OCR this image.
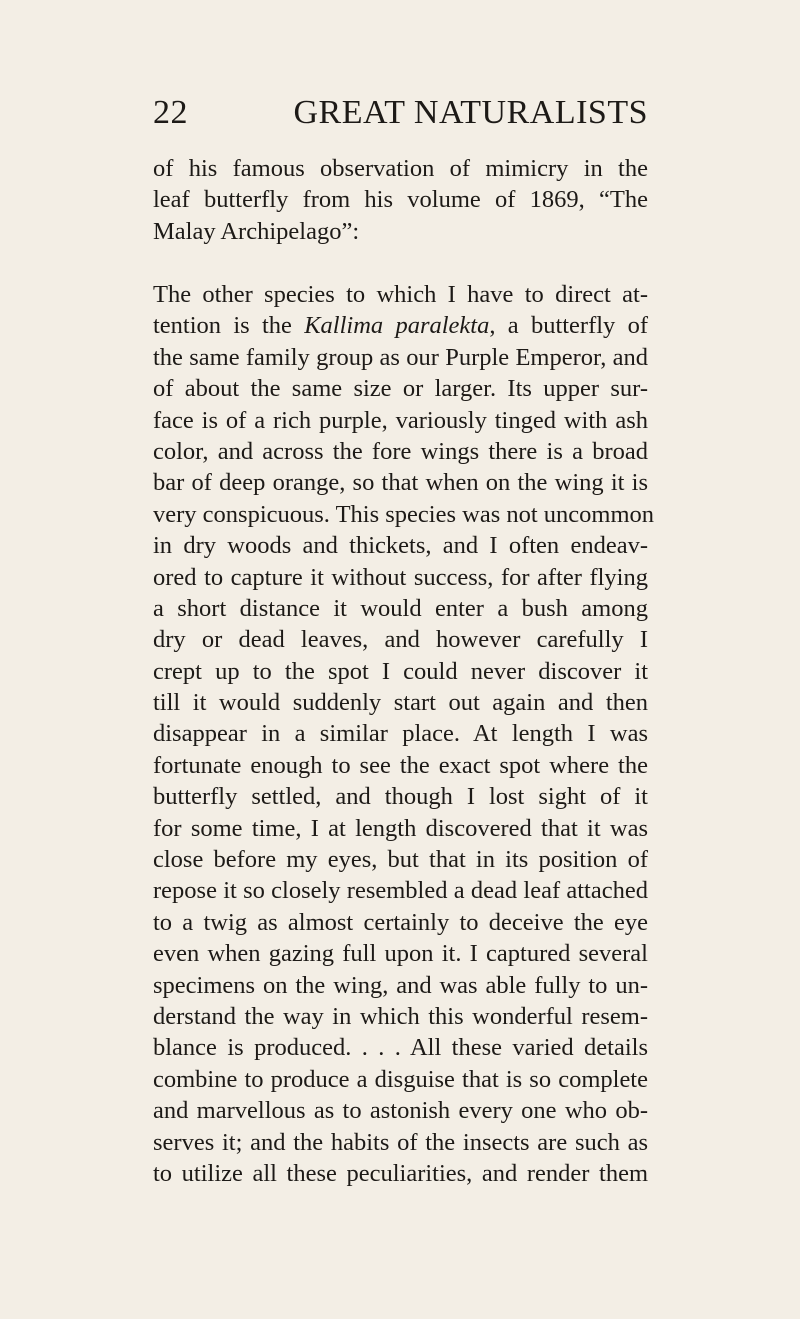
22	GREAT NATURALISTS
of his famous observation of mimicry in the
leaf butterfly from his volume of 1869, “The
Malay Archipelago”:
The other species to which I have to direct at-
tention is the Kallima paralekta, a butterfly of
the same family group as our Purple Emperor, and
of about the same size or larger. Its upper sur-
face is of a rich purple, variously tinged with ash
color, and across the fore wings there is a broad
bar of deep orange, so that when on the wing it is
very conspicuous. This species was not uncommon
in dry woods and thickets, and I often endeav-
ored to capture it without success, for after flying
a short distance it would enter a bush among
dry or dead leaves, and however carefully I
crept up to the spot I could never discover it
till it would suddenly start out again and then
disappear in a similar place. At length I was
fortunate enough to see the exact spot where the
butterfly settled, and though I lost sight of it
for some time, I at length discovered that it was
close before my eyes, but that in its position of
repose it so closely resembled a dead leaf attached
to a twig as almost certainly to deceive the eye
even when gazing full upon it. I captured several
specimens on the wing, and was able fully to un-
derstand the way in which this wonderful resem-
blance is produced. . . . All these varied details
combine to produce a disguise that is so complete
and marvellous as to astonish every one who ob-
serves it; and the habits of the insects are such as
to utilize all these peculiarities, and render them
